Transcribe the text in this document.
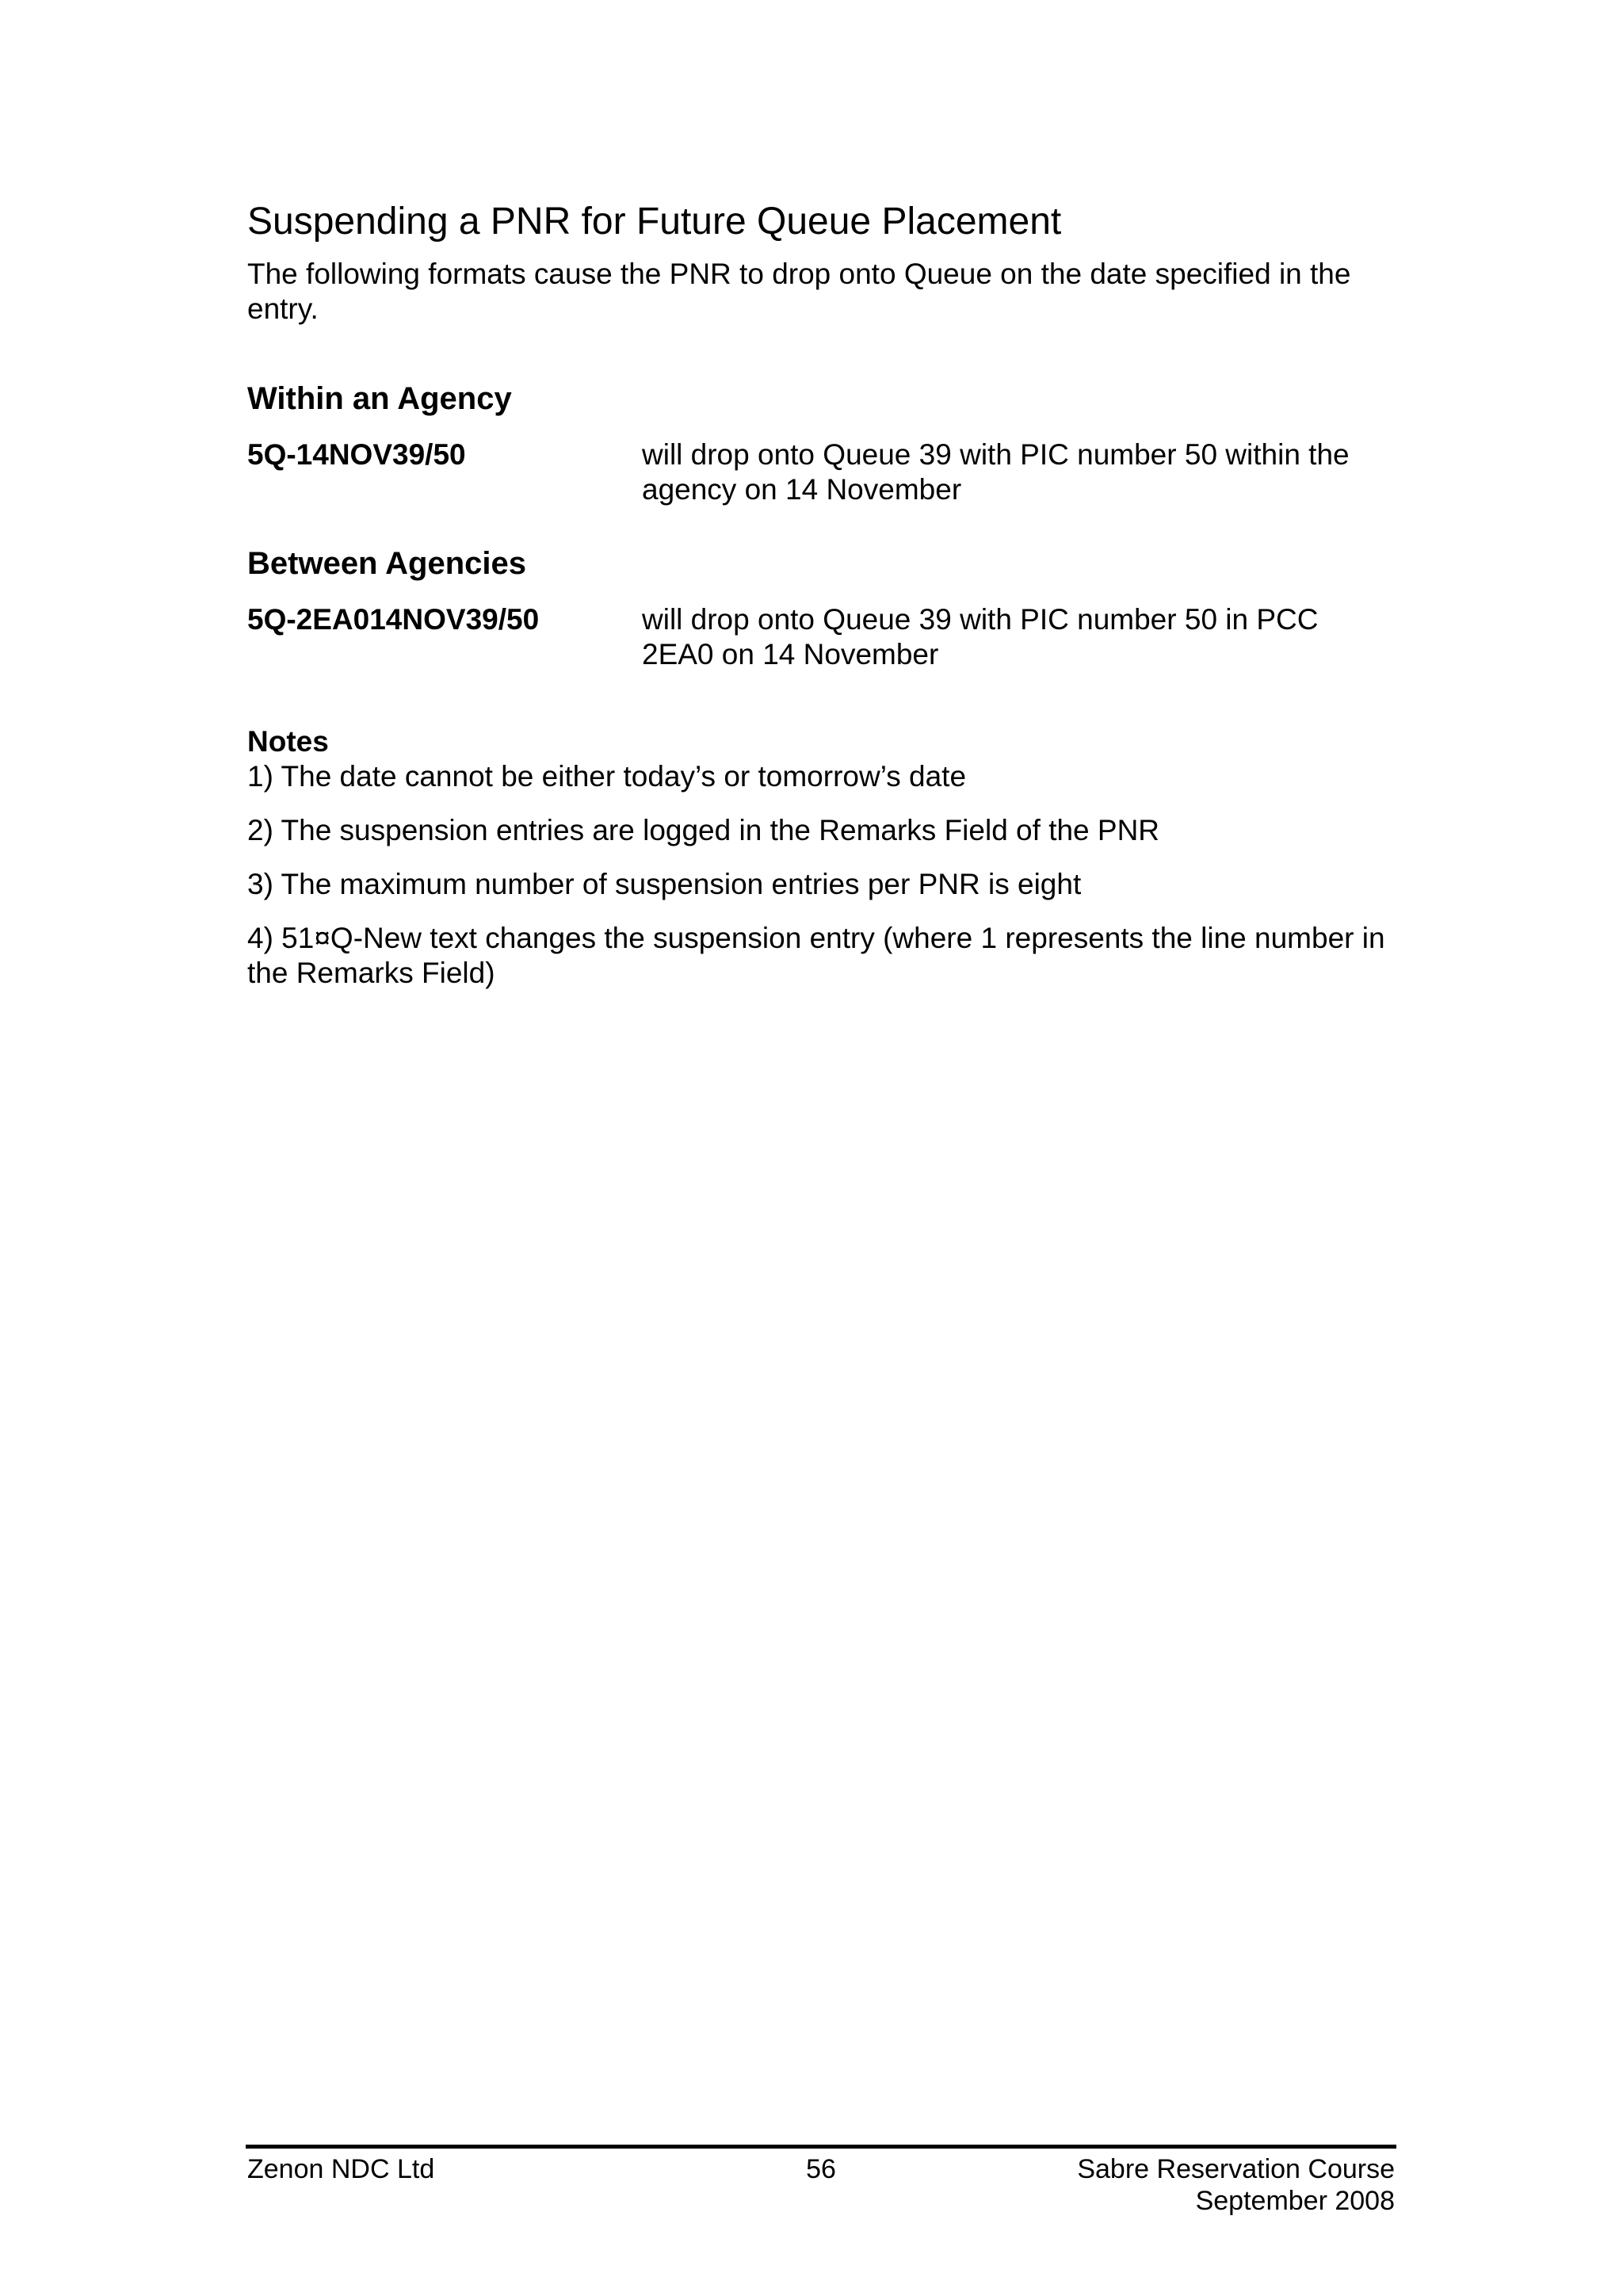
Suspending a PNR for Future Queue Placement

The following formats cause the PNR to drop onto Queue on the date specified in the entry.

Within an Agency
5Q-14NOV39/50	will drop onto Queue 39 with PIC number 50 within the agency on 14 November
Between Agencies
5Q-2EA014NOV39/50	will drop onto Queue 39 with PIC number 50 in PCC 2EA0 on 14 November
Notes

1) The date cannot be either today’s or tomorrow’s date

2) The suspension entries are logged in the Remarks Field of the PNR

3) The maximum number of suspension entries per PNR is eight

4) 51¤Q-New text changes the suspension entry (where 1 represents the line number in the Remarks Field)

Zenon NDC Ltd	56	Sabre Reservation Course
September 2008
